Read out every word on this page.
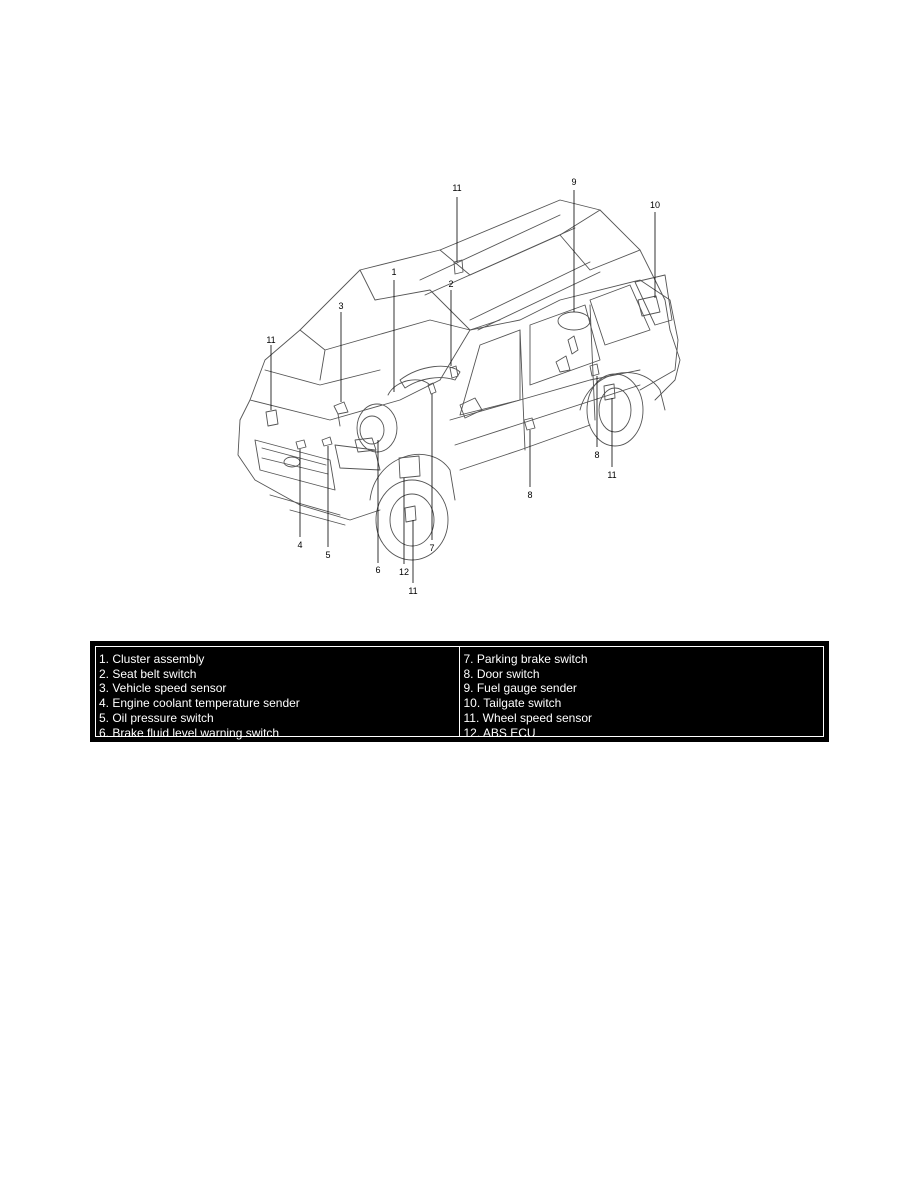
11
1
2
3
11
9
10
4
5
6
7
12
11
8
8
11
1. Cluster assembly
2. Seat belt switch
3. Vehicle speed sensor
4. Engine coolant temperature sender
5. Oil pressure switch
6. Brake fluid level warning switch
7. Parking brake switch
8. Door switch
9. Fuel gauge sender
10. Tailgate switch
11. Wheel speed sensor
12. ABS ECU
